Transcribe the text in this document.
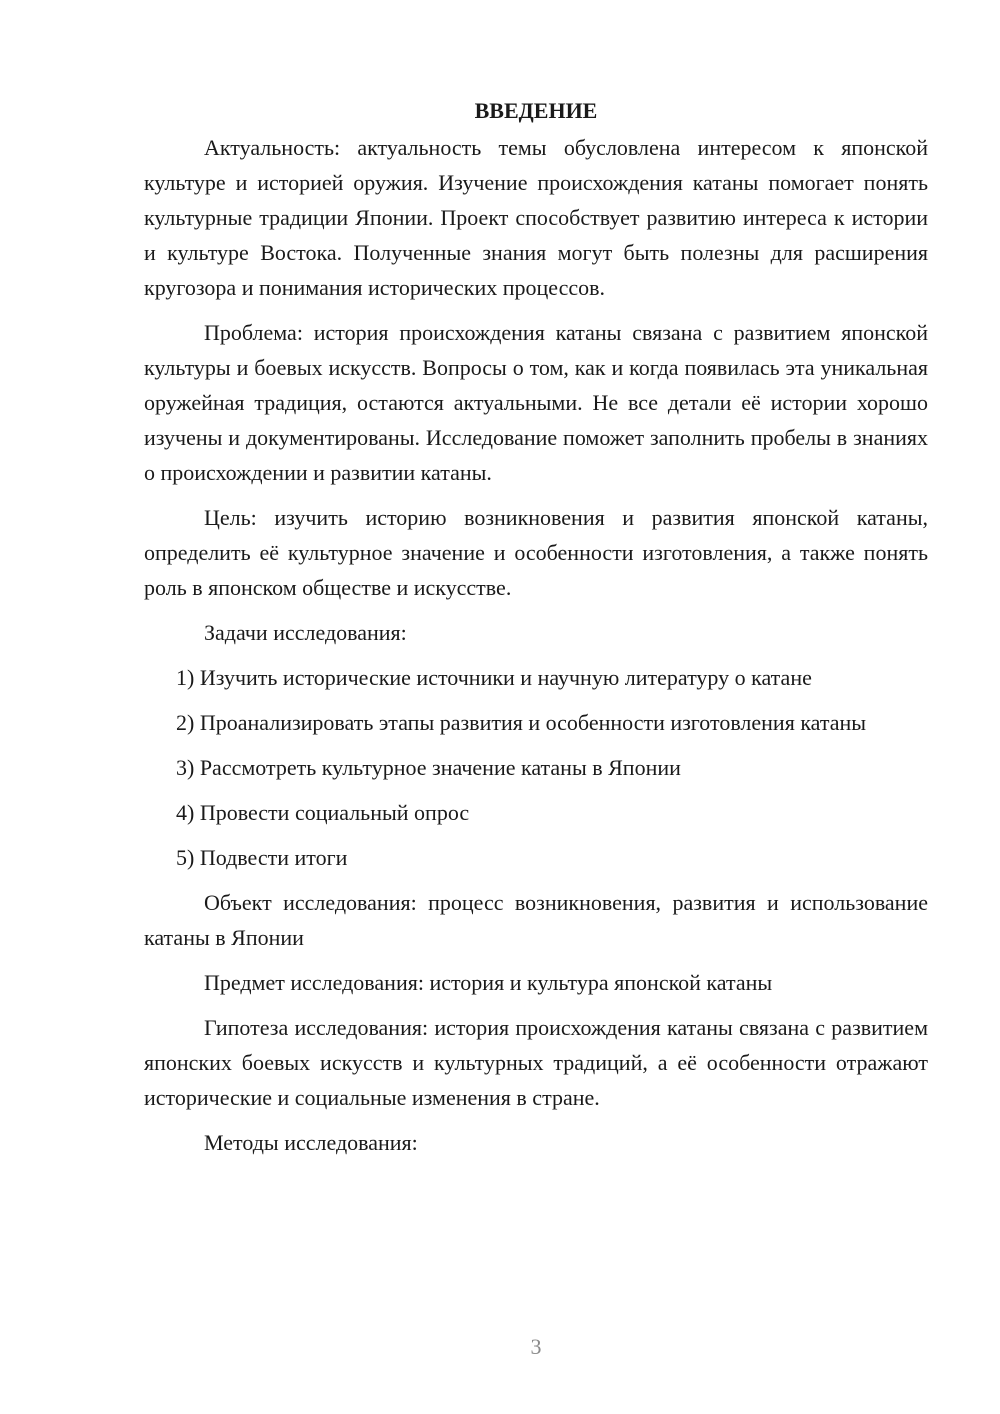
ВВЕДЕНИЕ

Актуальность: актуальность темы обусловлена интересом к японской культуре и историей оружия. Изучение происхождения катаны помогает понять культурные традиции Японии. Проект способствует развитию интереса к истории и культуре Востока. Полученные знания могут быть полезны для расширения кругозора и понимания исторических процессов.

Проблема: история происхождения катаны связана с развитием японской культуры и боевых искусств. Вопросы о том, как и когда появилась эта уникальная оружейная традиция, остаются актуальными. Не все детали её истории хорошо изучены и документированы. Исследование поможет заполнить пробелы в знаниях о происхождении и развитии катаны.

Цель: изучить историю возникновения и развития японской катаны, определить её культурное значение и особенности изготовления, а также понять роль в японском обществе и искусстве.

Задачи исследования:

1) Изучить исторические источники и научную литературу о катане

2) Проанализировать этапы развития и особенности изготовления катаны

3) Рассмотреть культурное значение катаны в Японии

4) Провести социальный опрос

5) Подвести итоги

Объект исследования: процесс возникновения, развития и использование катаны в Японии

Предмет исследования: история и культура японской катаны

Гипотеза исследования: история происхождения катаны связана с развитием японских боевых искусств и культурных традиций, а её особенности отражают исторические и социальные изменения в стране.

Методы исследования:

3
